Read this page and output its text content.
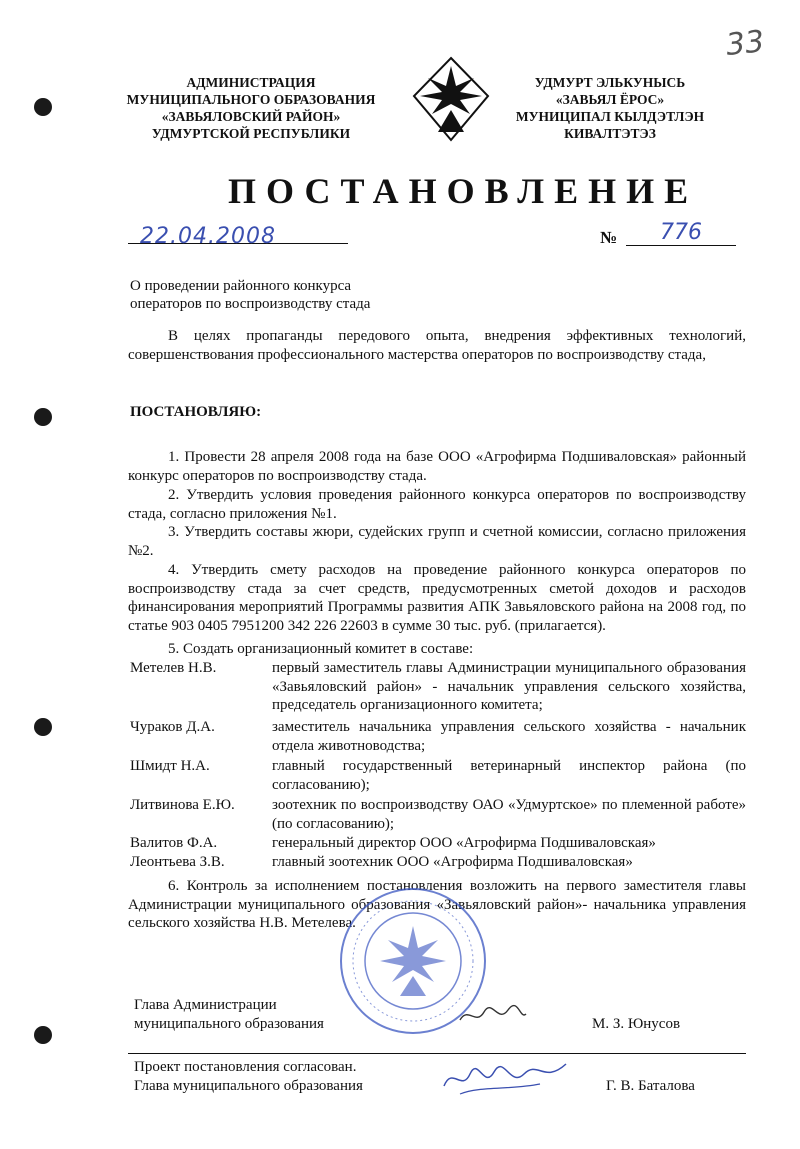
33
АДМИНИСТРАЦИЯ
МУНИЦИПАЛЬНОГО ОБРАЗОВАНИЯ
«ЗАВЬЯЛОВСКИЙ РАЙОН»
УДМУРТСКОЙ РЕСПУБЛИКИ
УДМУРТ ЭЛЬКУНЫСЬ
«ЗАВЬЯЛ ЁРОС»
МУНИЦИПАЛ КЫЛДЭТЛЭН
КИВАЛТЭТЭЗ
ПОСТАНОВЛЕНИЕ
22.04.2008	№ 776
О проведении районного конкурса
операторов по воспроизводству стада
В целях пропаганды передового опыта, внедрения эффективных технологий, совершенствования профессионального мастерства операторов по воспроизводству стада,
ПОСТАНОВЛЯЮ:
1. Провести 28 апреля 2008 года на базе ООО «Агрофирма Подшиваловская» районный конкурс операторов по воспроизводству стада.
2. Утвердить условия проведения районного конкурса операторов по воспроизводству стада, согласно приложения №1.
3. Утвердить составы жюри, судейских групп и счетной комиссии, согласно приложения №2.
4. Утвердить смету расходов на проведение районного конкурса операторов по воспроизводству стада за счет средств, предусмотренных сметой доходов и расходов финансирования мероприятий Программы развития АПК Завьяловского района на 2008 год, по статье 903 0405 7951200 342 226 22603 в сумме 30 тыс. руб. (прилагается).
5. Создать организационный комитет в составе:
Метелев Н.В.	первый заместитель главы Администрации муниципального образования «Завьяловский район» - начальник управления сельского хозяйства, председатель организационного комитета;
Чураков Д.А.	заместитель начальника управления сельского хозяйства - начальник отдела животноводства;
Шмидт Н.А.	главный государственный ветеринарный инспектор района (по согласованию);
Литвинова Е.Ю. зоотехник по воспроизводству ОАО «Удмуртское» по племенной работе» (по согласованию);
Валитов Ф.А.	генеральный директор ООО «Агрофирма Подшиваловская»
Леонтьева З.В.	главный зоотехник ООО «Агрофирма Подшиваловская»
6. Контроль за исполнением постановления возложить на первого заместителя главы Администрации муниципального образования «Завьяловский район»- начальника управления сельского хозяйства Н.В. Метелева.
Глава Администрации
муниципального образования	М. З. Юнусов
Проект постановления согласован.
Глава муниципального образования	Г. В. Баталова
